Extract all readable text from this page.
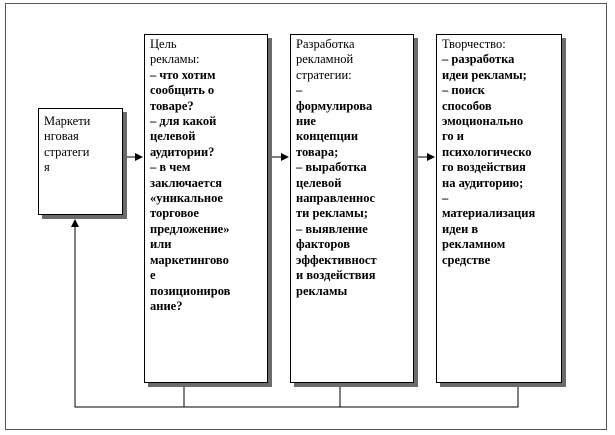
Маркети
нговая
стратеги
я
Цель
рекламы:
– что хотим
сообщить о
товаре?
– для какой
целевой
аудитории?
– в чем
заключается
«уникальное
торговое
предложение»
или
маркетингово
е
позициониров
ание?
Разработка
рекламной
стратегии:
–
формулирова
ние
концепции
товара;
– выработка
целевой
направленнос
ти рекламы;
– выявление
факторов
эффективност
и воздействия
рекламы
Творчество:
– разработка
идеи рекламы;
– поиск
способов
эмоционально
го и
психологическо
го воздействия
на аудиторию;
–
материализация
идеи в
рекламном
средстве
